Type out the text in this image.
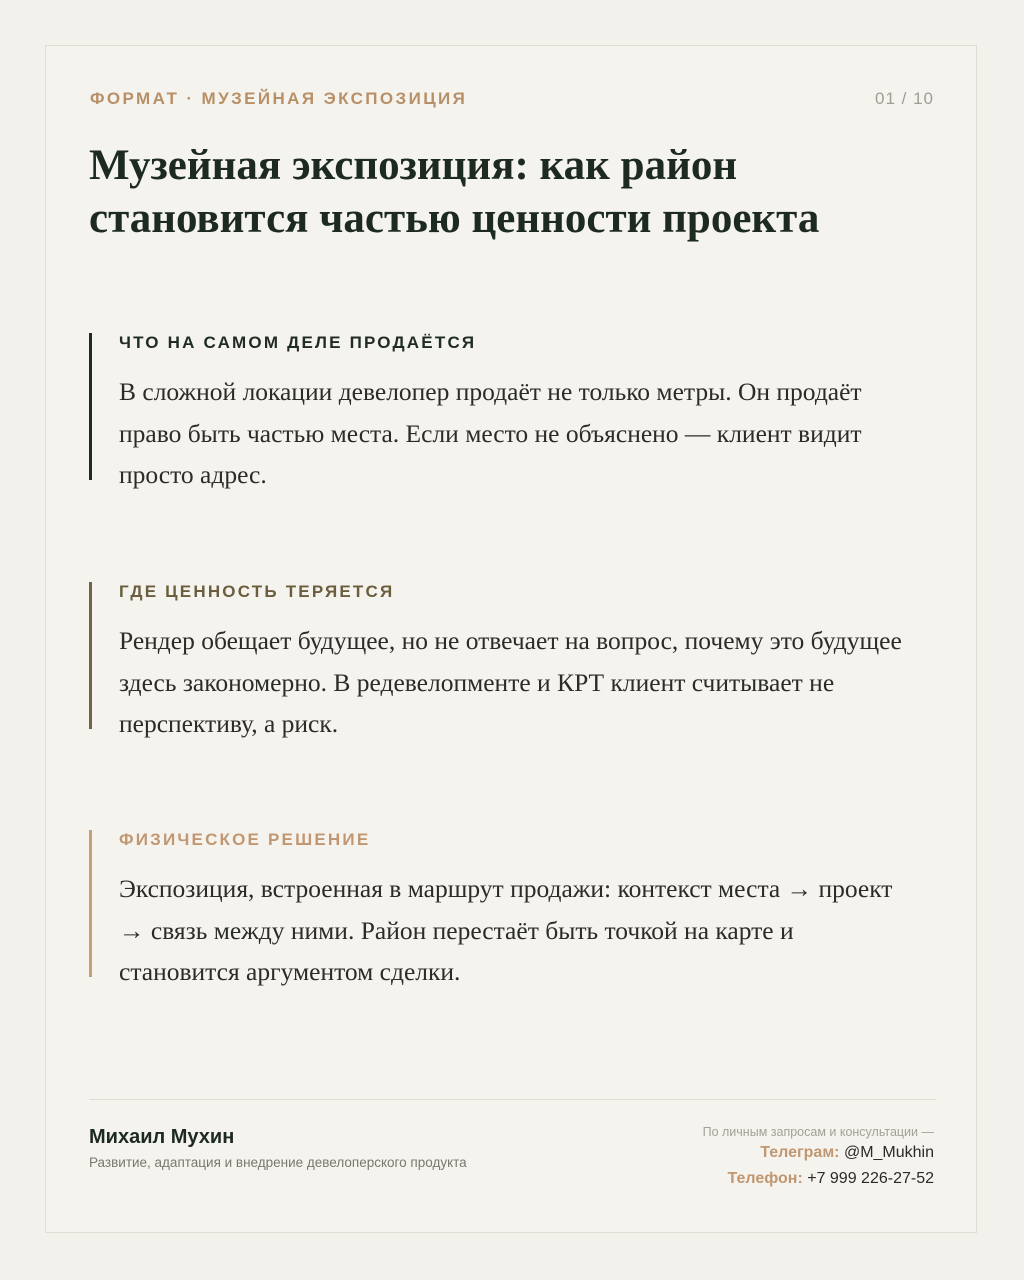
ФОРМАТ · МУЗЕЙНАЯ ЭКСПОЗИЦИЯ	01 / 10
Музейная экспозиция: как район становится частью ценности проекта

ЧТО НА САМОМ ДЕЛЕ ПРОДАЁТСЯ

В сложной локации девелопер продаёт не только метры. Он продаёт право быть частью места. Если место не объяснено — клиент видит просто адрес.

ГДЕ ЦЕННОСТЬ ТЕРЯЕТСЯ

Рендер обещает будущее, но не отвечает на вопрос, почему это будущее здесь закономерно. В редевелопменте и КРТ клиент считывает не перспективу, а риск.

ФИЗИЧЕСКОЕ РЕШЕНИЕ

Экспозиция, встроенная в маршрут продажи: контекст места → проект → связь между ними. Район перестаёт быть точкой на карте и становится аргументом сделки.

Михаил Мухин
Развитие, адаптация и внедрение девелоперского продукта
По личным запросам и консультации —
Телеграм: @M_Mukhin
Телефон: +7 999 226-27-52
